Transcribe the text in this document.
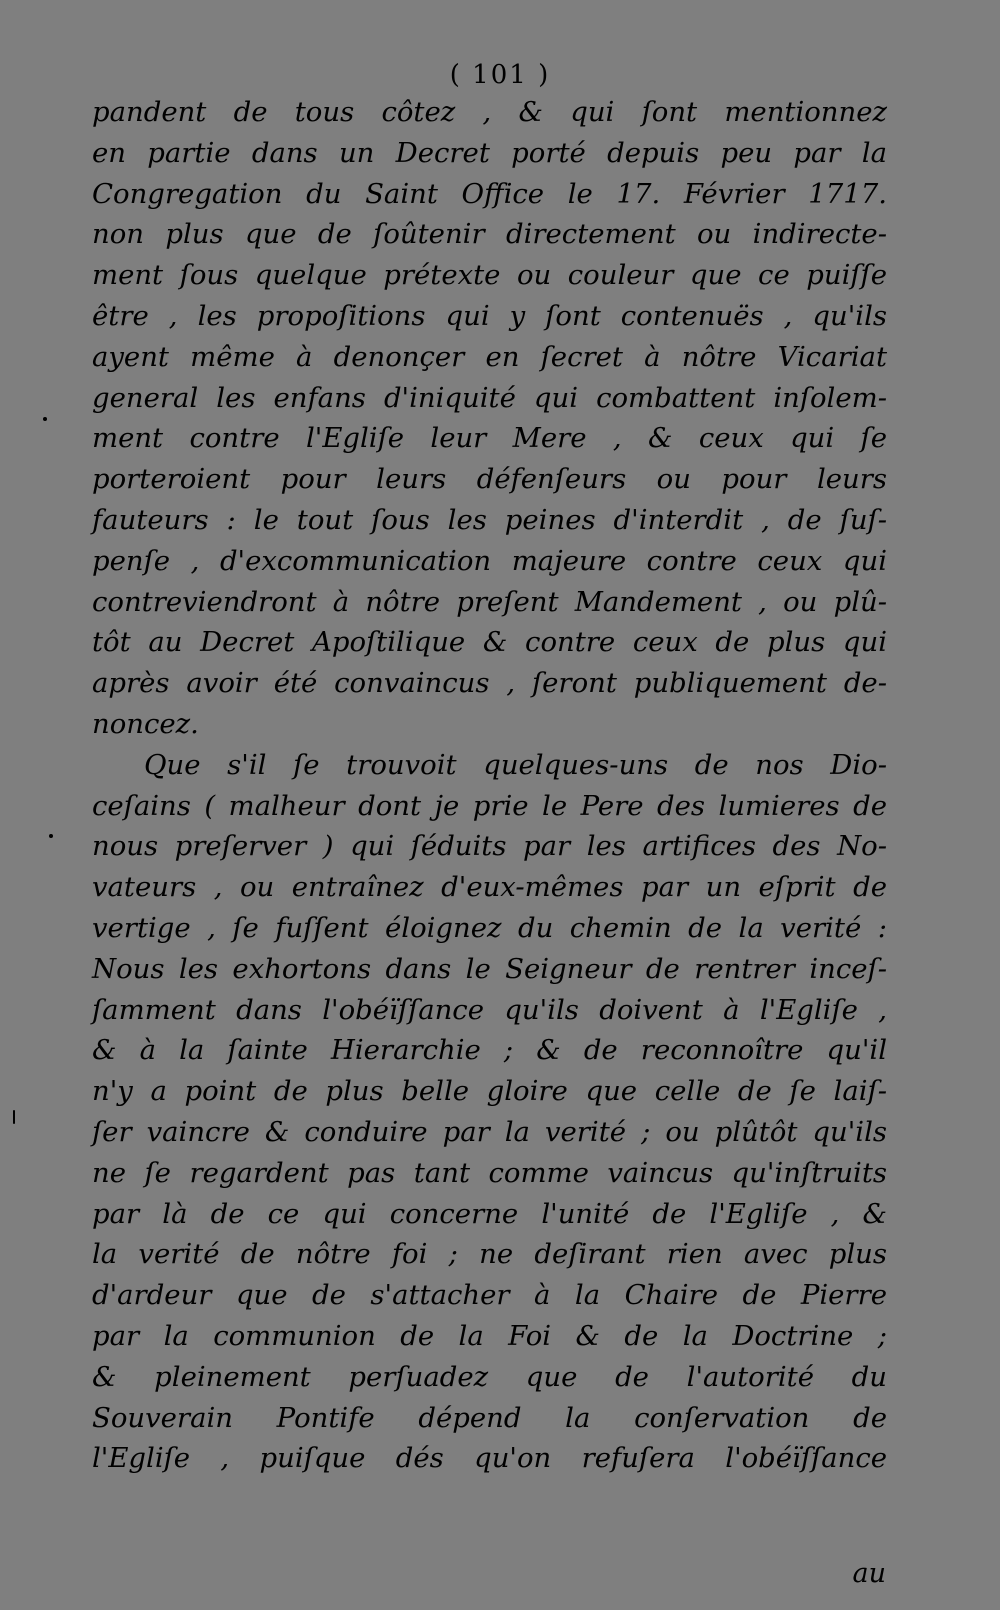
( 101 )
pandent de tous côtez , & qui ſont mentionnez
en partie dans un Decret porté depuis peu par la
Congregation du Saint Office le 17. Février 1717.
non plus que de ſoûtenir directement ou indirecte-
ment ſous quelque prétexte ou couleur que ce puiſſe
être , les propoſitions qui y ſont contenuës , qu'ils
ayent même à denonçer en ſecret à nôtre Vicariat
general les enfans d'iniquité qui combattent inſolem-
ment contre l'Egliſe leur Mere , & ceux qui ſe
porteroient pour leurs défenſeurs ou pour leurs
fauteurs : le tout ſous les peines d'interdit , de ſuſ-
penſe , d'excommunication majeure contre ceux qui
contreviendront à nôtre preſent Mandement , ou plû-
tôt au Decret Apoſtilique & contre ceux de plus qui
après avoir été convaincus , ſeront publiquement de-
noncez.
Que s'il ſe trouvoit quelques-uns de nos Dio-
ceſains ( malheur dont je prie le Pere des lumieres de
nous preſerver ) qui ſéduits par les artifices des No-
vateurs , ou entraînez d'eux-mêmes par un eſprit de
vertige , ſe fuſſent éloignez du chemin de la verité :
Nous les exhortons dans le Seigneur de rentrer inceſ-
ſamment dans l'obéïſſance qu'ils doivent à l'Egliſe ,
& à la ſainte Hierarchie ; & de reconnoître qu'il
n'y a point de plus belle gloire que celle de ſe laiſ-
ſer vaincre & conduire par la verité ; ou plûtôt qu'ils
ne ſe regardent pas tant comme vaincus qu'inſtruits
par là de ce qui concerne l'unité de l'Egliſe , &
la verité de nôtre foi ; ne deſirant rien avec plus
d'ardeur que de s'attacher à la Chaire de Pierre
par la communion de la Foi & de la Doctrine ;
& pleinement perſuadez que de l'autorité du
Souverain Pontife dépend la conſervation de
l'Egliſe , puiſque dés qu'on refuſera l'obéïſſance
au
